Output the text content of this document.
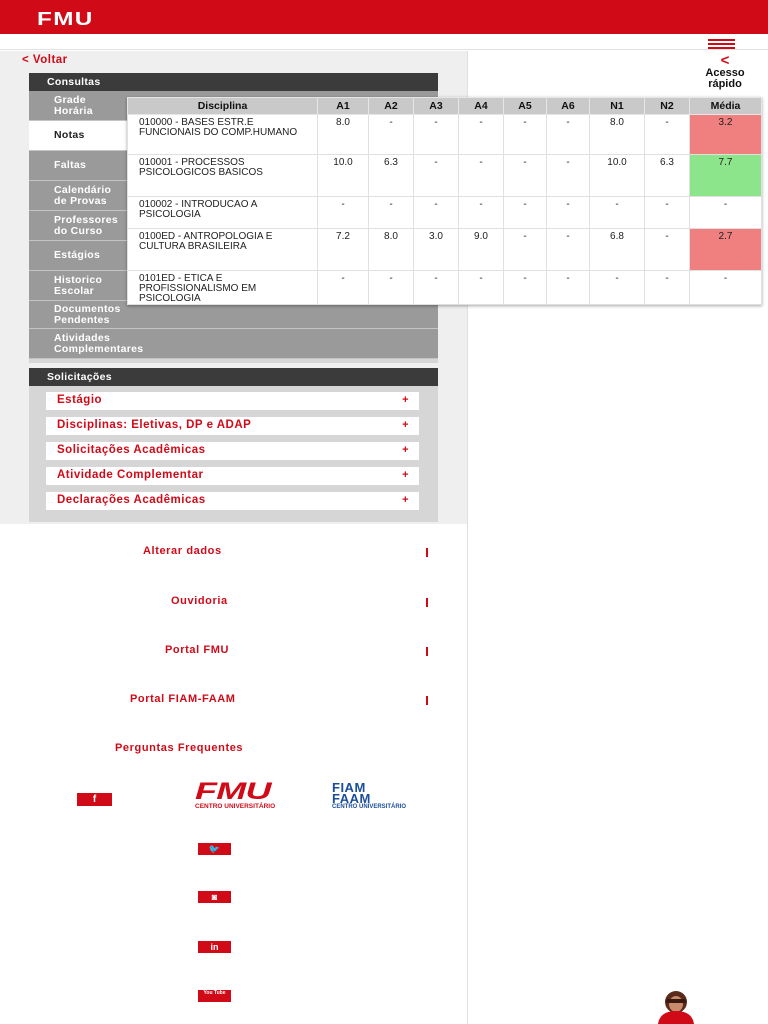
FMU
< Voltar	<
Acesso rápido
Consultas
Grade Horária
Notas
Faltas
Calendário de Provas
Professores do Curso
Estágios
Historico Escolar
Documentos Pendentes
Atividades Complementares
Solicitações
Estágio	+
Disciplinas: Eletivas, DP e ADAP	+
Solicitações Acadêmicas	+
Atividade Complementar	+
Declarações Acadêmicas	+
Disciplina	A1	A2	A3	A4	A5	A6	N1	N2	Média
010000 - BASES ESTR.E FUNCIONAIS DO COMP.HUMANO	8.0	-	-	-	-	-	8.0	-	3.2
010001 - PROCESSOS PSICOLOGICOS BASICOS	10.0	6.3	-	-	-	-	10.0	6.3	7.7
010002 - INTRODUCAO A PSICOLOGIA	-	-	-	-	-	-	-	-	-
0100ED - ANTROPOLOGIA E CULTURA BRASILEIRA	7.2	8.0	3.0	9.0	-	-	6.8	-	2.7
0101ED - ETICA E PROFISSIONALISMO EM PSICOLOGIA	-	-	-	-	-	-	-	-	-
Alterar dados
Ouvidoria
Portal FMU
Portal FIAM-FAAM
Perguntas Frequentes
FMU
CENTRO UNIVERSITÁRIO
FIAM
FAAM
CENTRO UNIVERSITÁRIO
f
🐦
◙
in
You Tube
